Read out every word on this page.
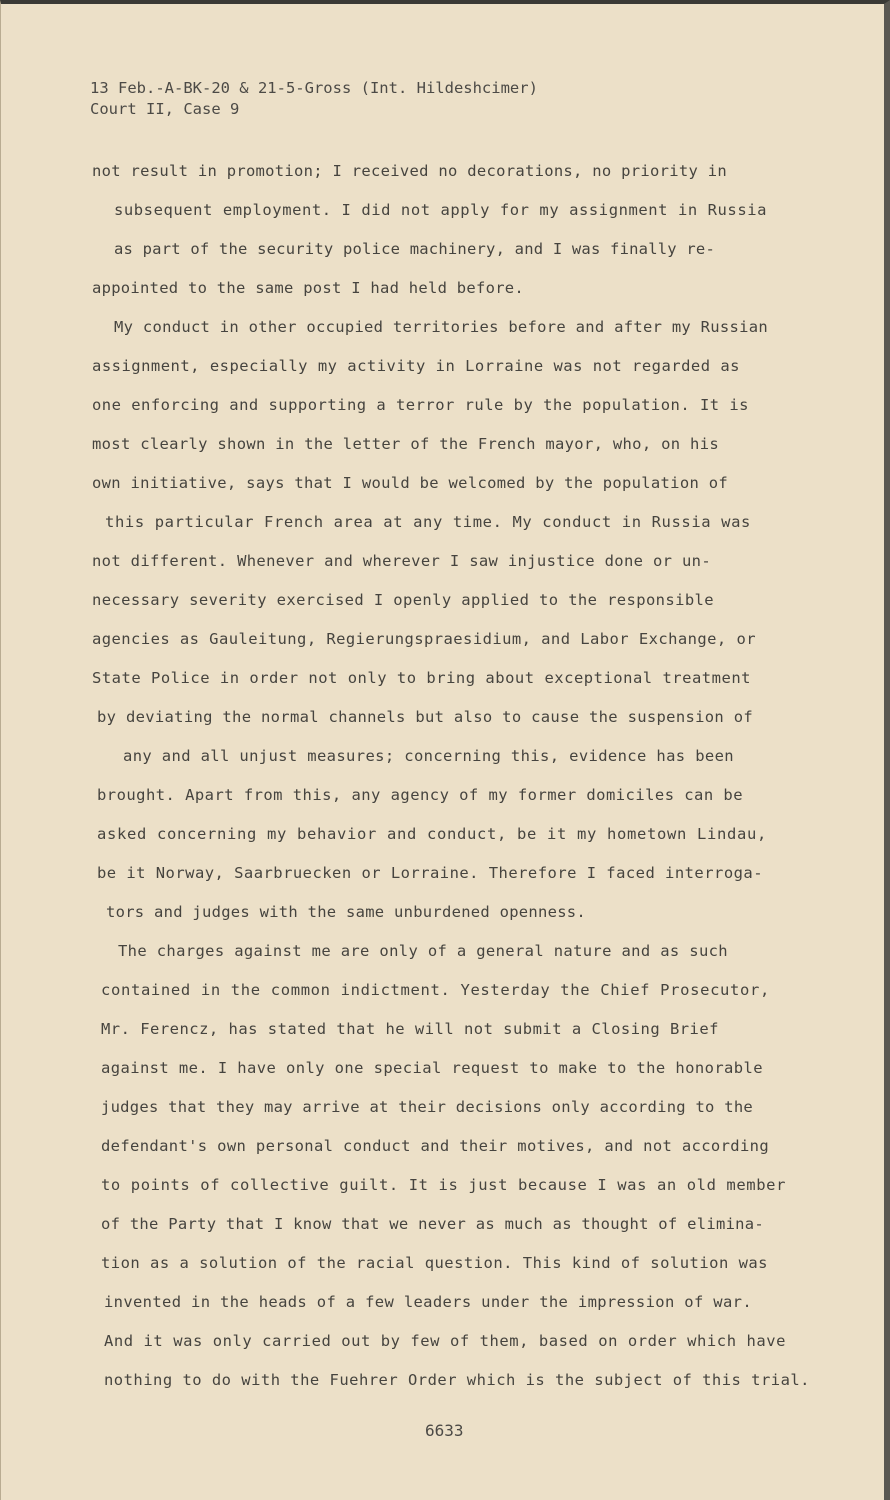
13 Feb.-A-BK-20 & 21-5-Gross (Int. Hildeshcimer)
Court II, Case 9
not result in promotion; I received no decorations, no priority in
subsequent employment. I did not apply for my assignment in Russia
as part of the security police machinery, and I was finally re-
appointed to the same post I had held before.
My conduct in other occupied territories before and after my Russian
assignment, especially my activity in Lorraine was not regarded as
one enforcing and supporting a terror rule by the population. It is
most clearly shown in the letter of the French mayor, who, on his
own initiative, says that I would be welcomed by the population of
this particular French area at any time. My conduct in Russia was
not different. Whenever and wherever I saw injustice done or un-
necessary severity exercised I openly applied to the responsible
agencies as Gauleitung, Regierungspraesidium, and Labor Exchange, or
State Police in order not only to bring about exceptional treatment
by deviating the normal channels but also to cause the suspension of
any and all unjust measures; concerning this, evidence has been
brought. Apart from this, any agency of my former domiciles can be
asked concerning my behavior and conduct, be it my hometown Lindau,
be it Norway, Saarbruecken or Lorraine. Therefore I faced interroga-
tors and judges with the same unburdened openness.
The charges against me are only of a general nature and as such
contained in the common indictment. Yesterday the Chief Prosecutor,
Mr. Ferencz, has stated that he will not submit a Closing Brief
against me. I have only one special request to make to the honorable
judges that they may arrive at their decisions only according to the
defendant's own personal conduct and their motives, and not according
to points of collective guilt. It is just because I was an old member
of the Party that I know that we never as much as thought of elimina-
tion as a solution of the racial question. This kind of solution was
invented in the heads of a few leaders under the impression of war.
And it was only carried out by few of them, based on order which have
nothing to do with the Fuehrer Order which is the subject of this trial.
6633
